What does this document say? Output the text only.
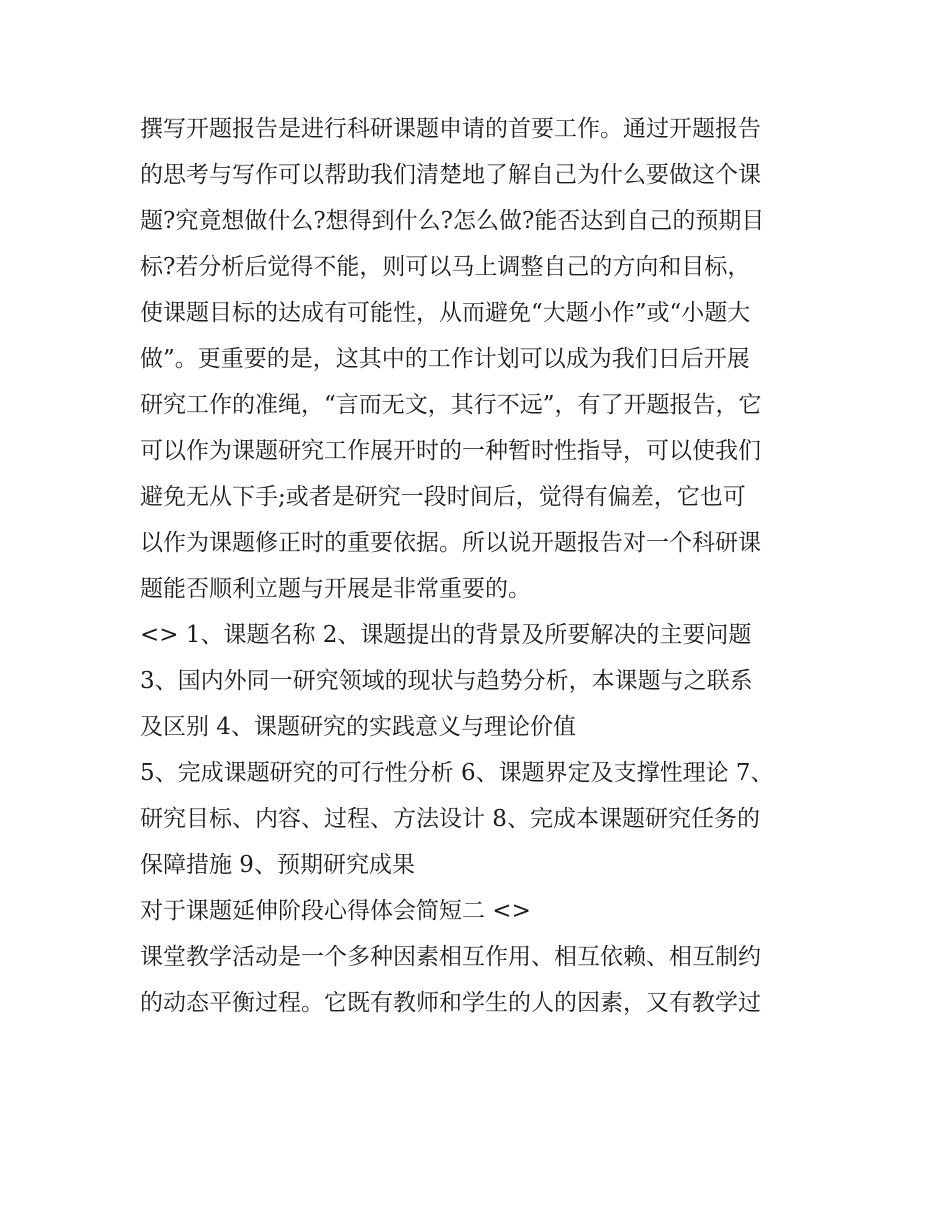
撰写开题报告是进行科研课题申请的首要工作。通过开题报告
的思考与写作可以帮助我们清楚地了解自己为什么要做这个课
题?究竟想做什么?想得到什么?怎么做?能否达到自己的预期目
标?若分析后觉得不能，则可以马上调整自己的方向和目标，
使课题目标的达成有可能性，从而避免“大题小作”或“小题大
做”。更重要的是，这其中的工作计划可以成为我们日后开展
研究工作的准绳，“言而无文，其行不远”，有了开题报告，它
可以作为课题研究工作展开时的一种暂时性指导，可以使我们
避免无从下手;或者是研究一段时间后，觉得有偏差，它也可
以作为课题修正时的重要依据。所以说开题报告对一个科研课
题能否顺利立题与开展是非常重要的。
<> 1、课题名称 2、课题提出的背景及所要解决的主要问题
3、国内外同一研究领域的现状与趋势分析，本课题与之联系
及区别 4、课题研究的实践意义与理论价值
5、完成课题研究的可行性分析 6、课题界定及支撑性理论 7、
研究目标、内容、过程、方法设计 8、完成本课题研究任务的
保障措施 9、预期研究成果
对于课题延伸阶段心得体会简短二 <>
课堂教学活动是一个多种因素相互作用、相互依赖、相互制约
的动态平衡过程。它既有教师和学生的人的因素，又有教学过
